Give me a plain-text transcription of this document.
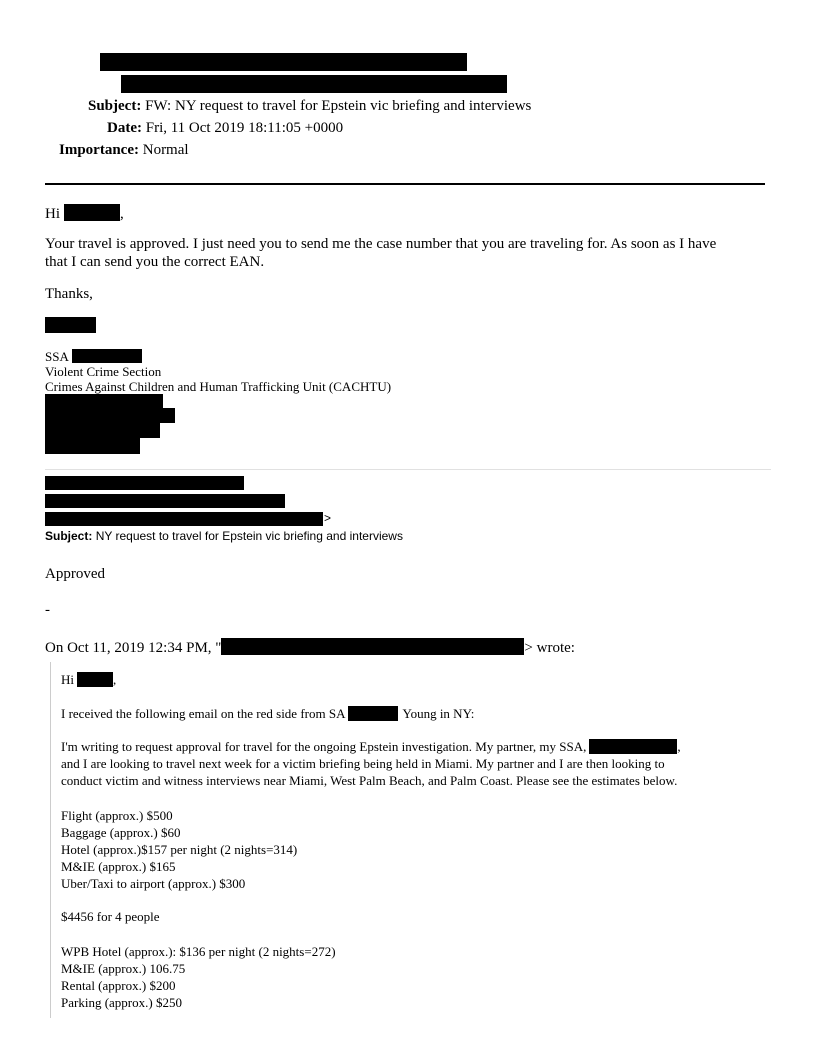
Subject: FW: NY request to travel for Epstein vic briefing and interviews
Date: Fri, 11 Oct 2019 18:11:05 +0000
Importance: Normal
Hi	,
Your travel is approved. I just need you to send me the case number that you are traveling for. As soon as I have
that I can send you the correct EAN.
Thanks,
SSA
Violent Crime Section
Crimes Against Children and Human Trafficking Unit (CACHTU)
>
Subject: NY request to travel for Epstein vic briefing and interviews
Approved
-
On Oct 11, 2019 12:34 PM, "	> wrote:
Hi	,
I received the following email on the red side from SA	Young in NY:
I'm writing to request approval for travel for the ongoing Epstein investigation. My partner, my SSA,	,
and I are looking to travel next week for a victim briefing being held in Miami. My partner and I are then looking to
conduct victim and witness interviews near Miami, West Palm Beach, and Palm Coast. Please see the estimates below.
Flight (approx.) $500
Baggage (approx.) $60
Hotel (approx.)$157 per night (2 nights=314)
M&IE (approx.) $165
Uber/Taxi to airport (approx.) $300
$4456 for 4 people
WPB Hotel (approx.): $136 per night (2 nights=272)
M&IE (approx.) 106.75
Rental (approx.) $200
Parking (approx.) $250
